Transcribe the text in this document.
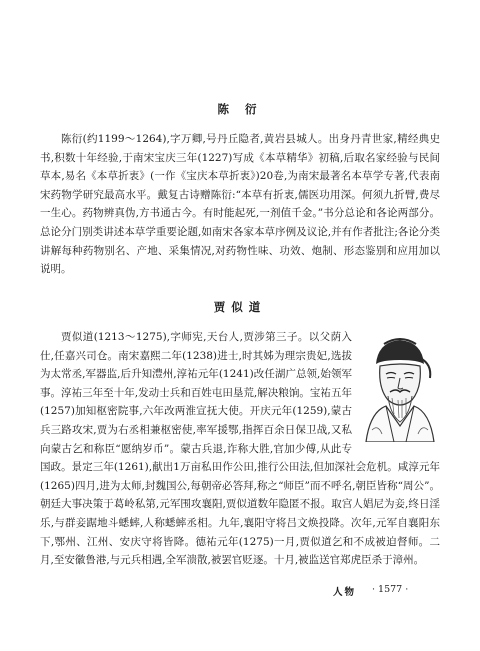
陈 衍

陈衍(约1199～1264),字万卿,号丹丘隐者,黄岩县城人。出身丹青世家,精经典史书,积数十年经验,于南宋宝庆三年(1227)写成《本草精华》初稿,后取名家经验与民间草本,易名《本草折衷》(一作《宝庆本草折衷》)20卷,为南宋最著名本草学专著,代表南宋药物学研究最高水平。戴复古诗赠陈衍:“本草有折衷,儒医功用深。何须九折臂,费尽一生心。药物辨真伪,方书通古今。有时能起死,一剂值千金。”书分总论和各论两部分。总论分门别类讲述本草学重要论题,如南宋各家本草序例及议论,并有作者批注;各论分类讲解每种药物别名、产地、采集情况,对药物性味、功效、炮制、形态鉴别和应用加以说明。

贾似道
贾似道(1213～1275),字师宪,天台人,贾涉第三子。以父荫入仕,任嘉兴司仓。南宋嘉熙二年(1238)进士,时其姊为理宗贵妃,选拔为太常丞,军器监,后升知澧州,淳祐元年(1241)改任湖广总领,始领军事。淳祐三年至十年,发动士兵和百姓屯田垦荒,解决粮饷。宝祐五年(1257)加知枢密院事,六年改两淮宣抚大使。开庆元年(1259),蒙古兵三路攻宋,贾为右丞相兼枢密使,率军援鄂,指挥百余日保卫战,又私向蒙古乞和称臣“愿纳岁币”。蒙古兵退,诈称大胜,官加少傅,从此专国政。景定三年(1261),献出1万亩私田作公田,推行公田法,但加深社会危机。咸淳元年(1265)四月,进为太师,封魏国公,每朝帝必答拜,称之“师臣”而不呼名,朝臣皆称“周公”。朝廷大事决策于葛岭私第,元军围攻襄阳,贾似道数年隐匿不报。取宫人娼尼为妾,终日淫乐,与群妾踞地斗蟋蟀,人称蟋蟀丞相。九年,襄阳守将吕文焕投降。次年,元军自襄阳东下,鄂州、江州、安庆守将皆降。德祐元年(1275)一月,贾似道乞和不成被迫督师。二月,至安徽鲁港,与元兵相遇,全军溃散,被罢官贬逐。十月,被监送官郑虎臣杀于漳州。
人物 · 1577 ·
